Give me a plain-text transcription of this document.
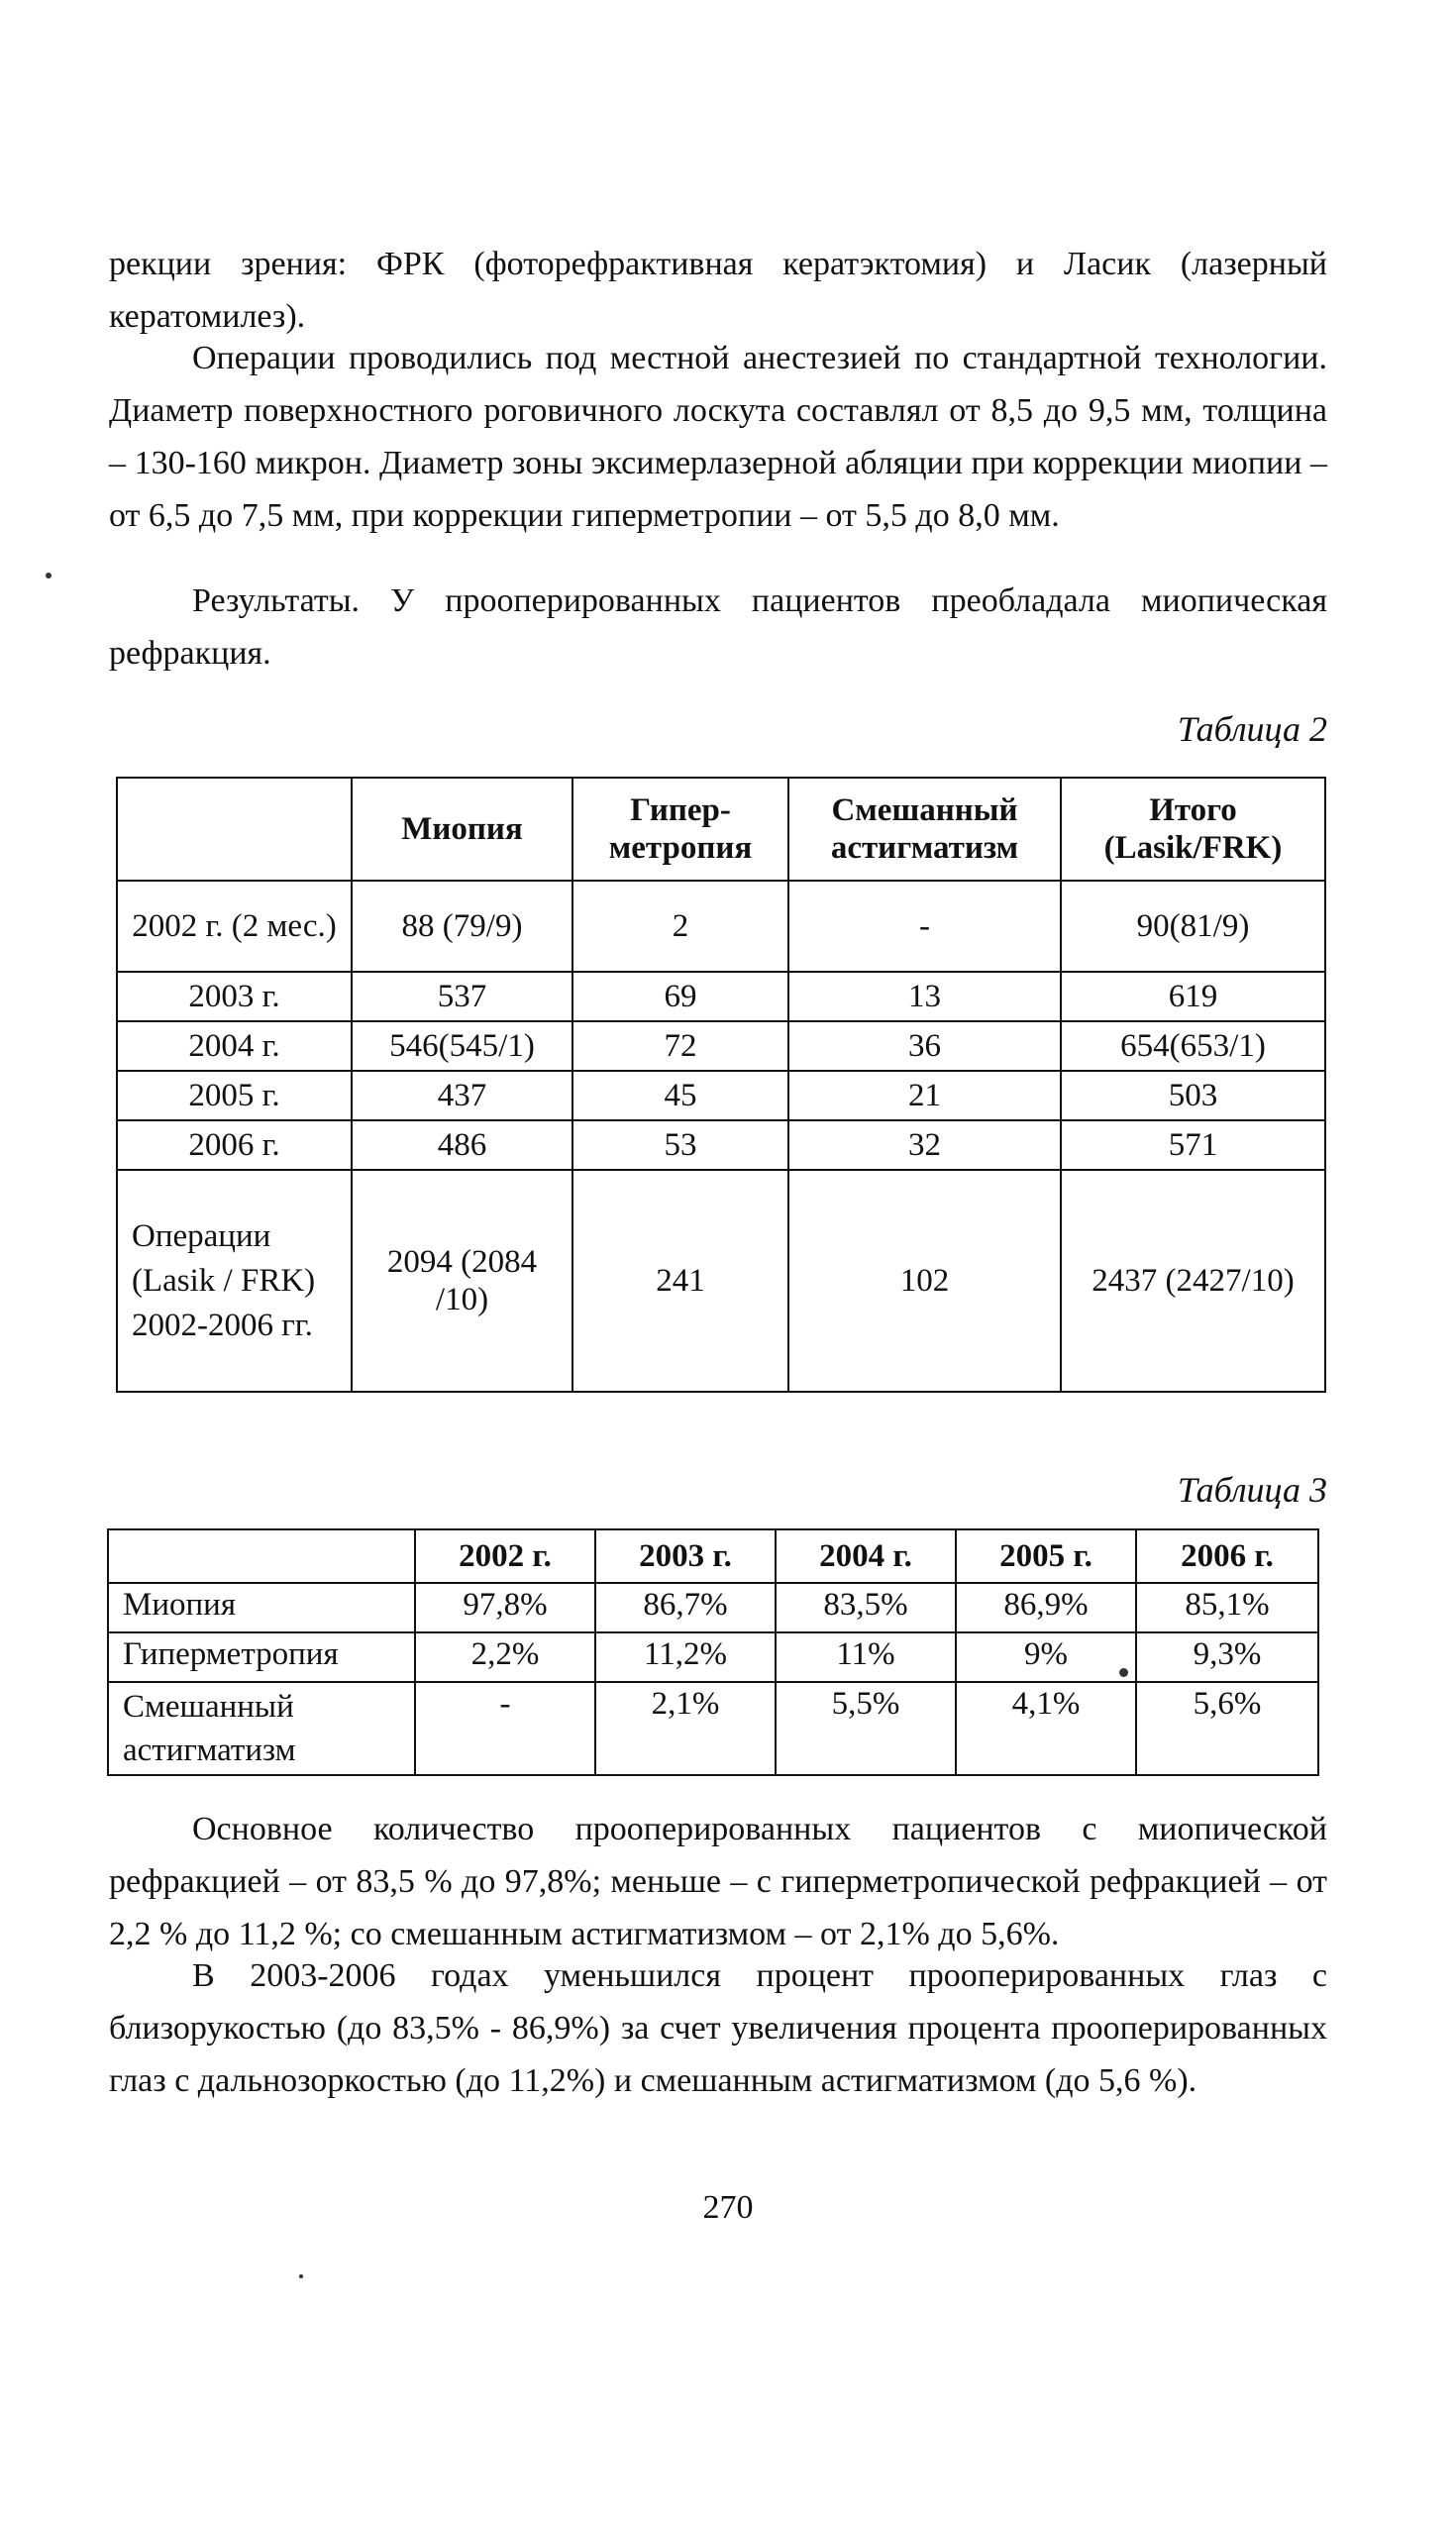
рекции зрения: ФРК (фоторефрактивная кератэктомия) и Ласик (лазерный кератомилез).

Операции проводились под местной анестезией по стандартной технологии. Диаметр поверхностного роговичного лоскута составлял от 8,5 до 9,5 мм, толщина – 130-160 микрон. Диаметр зоны эксимерлазерной абляции при коррекции миопии – от 6,5 до 7,5 мм, при коррекции гиперметропии – от 5,5 до 8,0 мм.

Результаты. У прооперированных пациентов преобладала миопическая рефракция.

Таблица 2

	Миопия	Гипер-метропия	Смешанный астигматизм	Итого (Lasik/FRK)
2002 г. (2 мес.)	88 (79/9)	2	-	90(81/9)
2003 г.	537	69	13	619
2004 г.	546(545/1)	72	36	654(653/1)
2005 г.	437	45	21	503
2006 г.	486	53	32	571
Операции (Lasik / FRK) 2002-2006 гг.	2094 (2084 /10)	241	102	2437 (2427/10)

Таблица 3

	2002 г.	2003 г.	2004 г.	2005 г.	2006 г.
Миопия	97,8%	86,7%	83,5%	86,9%	85,1%
Гиперметропия	2,2%	11,2%	11%	9%	9,3%
Смешанный астигматизм	-	2,1%	5,5%	4,1%	5,6%

Основное количество прооперированных пациентов с миопической рефракцией – от 83,5 % до 97,8%; меньше – с гиперметропической рефракцией – от 2,2 % до 11,2 %; со смешанным астигматизмом – от 2,1% до 5,6%.

В 2003-2006 годах уменьшился процент прооперированных глаз с близорукостью (до 83,5% - 86,9%) за счет увеличения процента прооперированных глаз с дальнозоркостью (до 11,2%) и смешанным астигматизмом (до 5,6 %).

270
